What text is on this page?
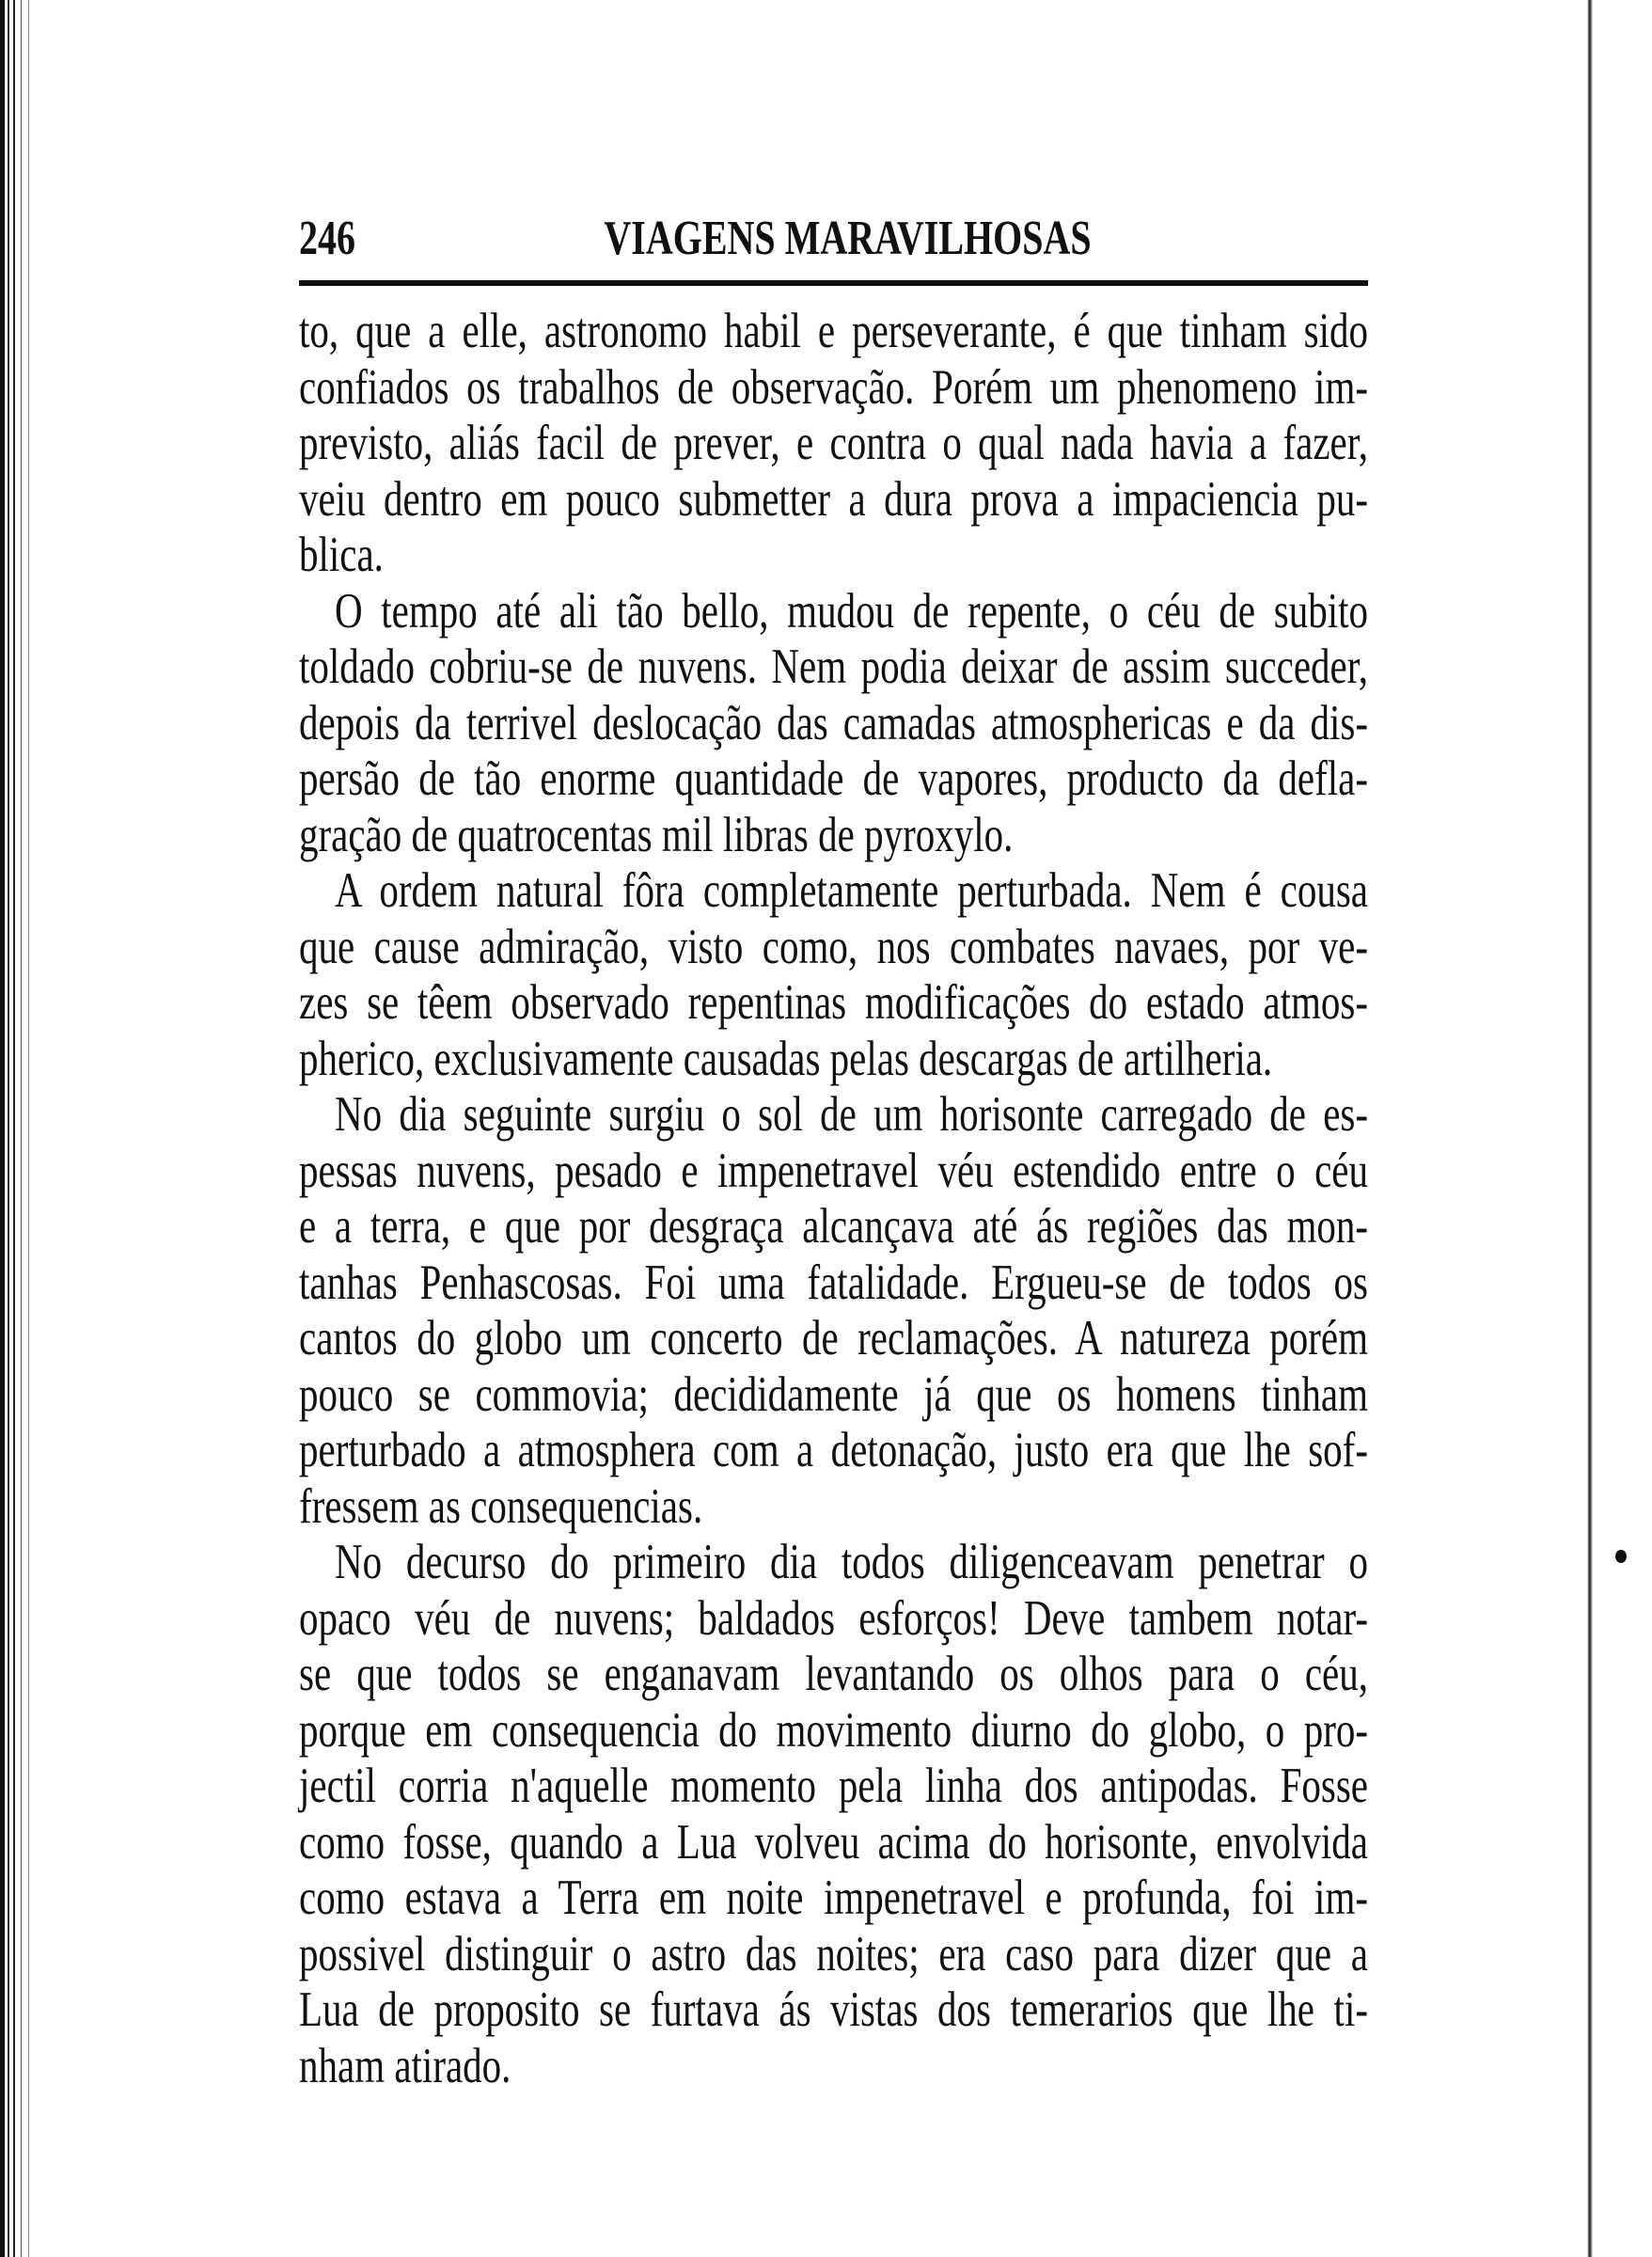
246	VIAGENS MARAVILHOSAS
to, que a elle, astronomo habil e perseverante, é que tinham sido
confiados os trabalhos de observação. Porém um phenomeno im-
previsto, aliás facil de prever, e contra o qual nada havia a fazer,
veiu dentro em pouco submetter a dura prova a impaciencia pu-
blica.
O tempo até ali tão bello, mudou de repente, o céu de subito
toldado cobriu-se de nuvens. Nem podia deixar de assim succeder,
depois da terrivel deslocação das camadas atmosphericas e da dis-
persão de tão enorme quantidade de vapores, producto da defla-
gração de quatrocentas mil libras de pyroxylo.
A ordem natural fôra completamente perturbada. Nem é cousa
que cause admiração, visto como, nos combates navaes, por ve-
zes se têem observado repentinas modificações do estado atmos-
pherico, exclusivamente causadas pelas descargas de artilheria.
No dia seguinte surgiu o sol de um horisonte carregado de es-
pessas nuvens, pesado e impenetravel véu estendido entre o céu
e a terra, e que por desgraça alcançava até ás regiões das mon-
tanhas Penhascosas. Foi uma fatalidade. Ergueu-se de todos os
cantos do globo um concerto de reclamações. A natureza porém
pouco se commovia; decididamente já que os homens tinham
perturbado a atmosphera com a detonação, justo era que lhe sof-
fressem as consequencias.
No decurso do primeiro dia todos diligenceavam penetrar o
opaco véu de nuvens; baldados esforços! Deve tambem notar-
se que todos se enganavam levantando os olhos para o céu,
porque em consequencia do movimento diurno do globo, o pro-
jectil corria n'aquelle momento pela linha dos antipodas. Fosse
como fosse, quando a Lua volveu acima do horisonte, envolvida
como estava a Terra em noite impenetravel e profunda, foi im-
possivel distinguir o astro das noites; era caso para dizer que a
Lua de proposito se furtava ás vistas dos temerarios que lhe ti-
nham atirado.
